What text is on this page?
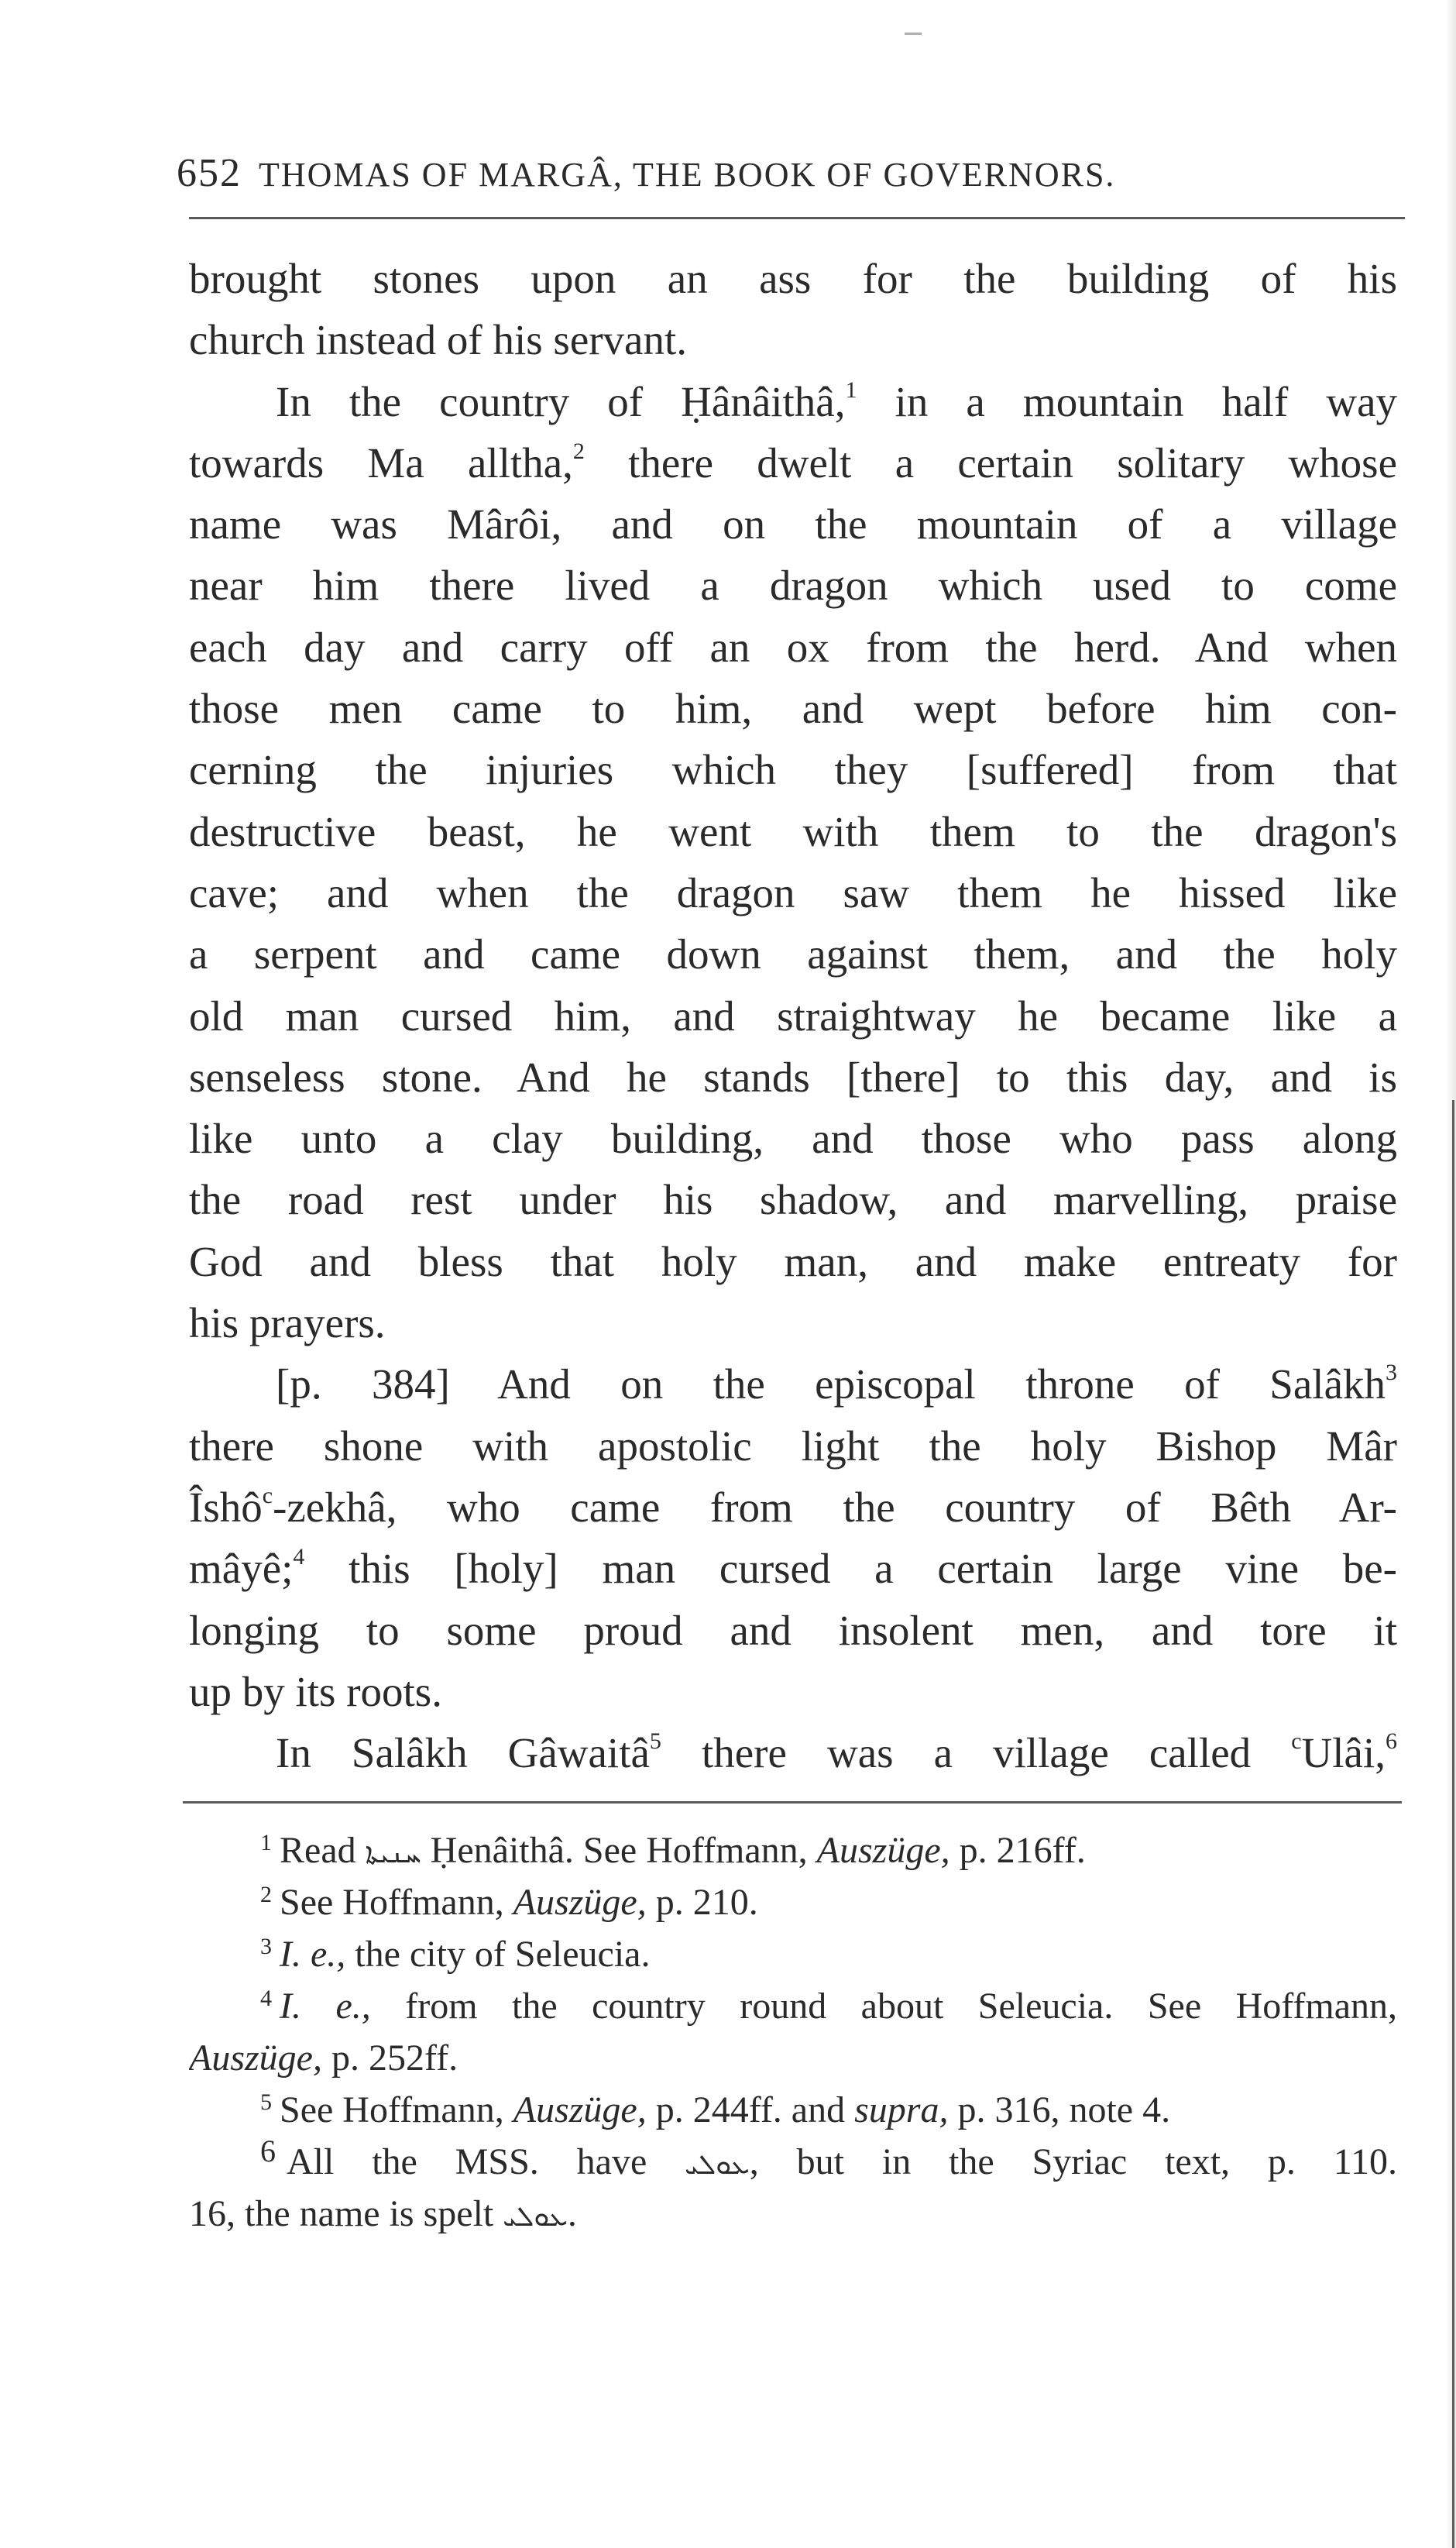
652 THOMAS OF MARGÂ, THE BOOK OF GOVERNORS.
brought stones upon an ass for the building of his
church instead of his servant.
In the country of Ḥânâithâ,$^1$ in a mountain half way
towards Ma alltha,$^2$ there dwelt a certain solitary whose
name was Mârôi, and on the mountain of a village
near him there lived a dragon which used to come
each day and carry off an ox from the herd. And when
those men came to him, and wept before him con-
cerning the injuries which they [suffered] from that
destructive beast, he went with them to the dragon's
cave; and when the dragon saw them he hissed like
a serpent and came down against them, and the holy
old man cursed him, and straightway he became like a
senseless stone. And he stands [there] to this day, and is
like unto a clay building, and those who pass along
the road rest under his shadow, and marvelling, praise
God and bless that holy man, and make entreaty for
his prayers.
[p. 384] And on the episcopal throne of Salâkh$^3$
there shone with apostolic light the holy Bishop Mâr
Îshô$^c$-zekhâ, who came from the country of Bêth Ar-
mâyê;$^4$ this [holy] man cursed a certain large vine be-
longing to some proud and insolent men, and tore it
up by its roots.
In Salâkh Gâwaitâ$^5$ there was a village called $^c$Ulâi,$^6$
$^1$ Read ܚܢܝܬܐ Ḥenâithâ. See Hoffmann, Auszüge, p. 216ff.
$^2$ See Hoffmann, Auszüge, p. 210.
$^3$ I. e., the city of Seleucia.
$^4$ I. e., from the country round about Seleucia. See Hoffmann,
Auszüge, p. 252ff.
$^5$ See Hoffmann, Auszüge, p. 244ff. and supra, p. 316, note 4.
$^6$ All the MSS. have ܥܘܠܝ, but in the Syriac text, p. 110.
16, the name is spelt ܥܘܠܝ.
